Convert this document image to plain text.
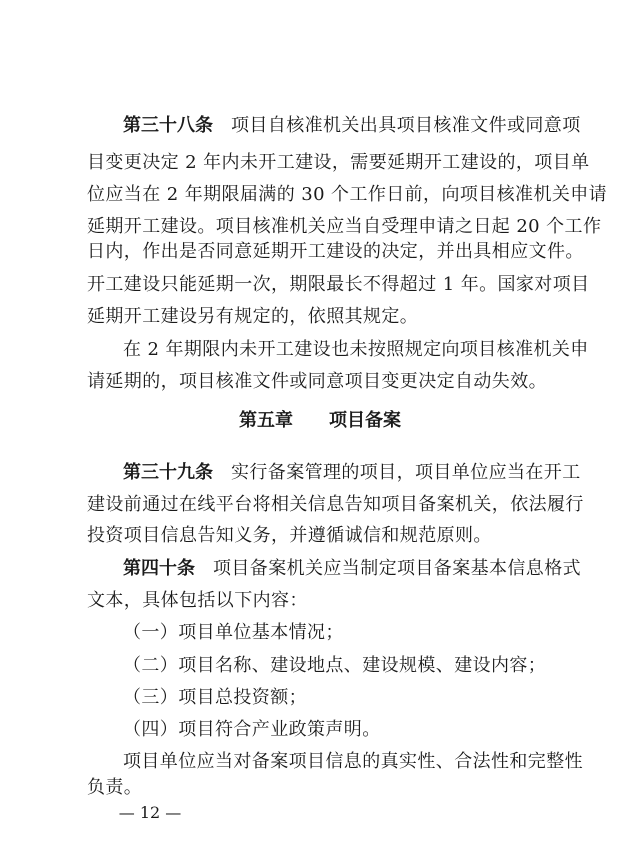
第三十八条 项目自核准机关出具项目核准文件或同意项
目变更决定 2 年内未开工建设，需要延期开工建设的，项目单
位应当在 2 年期限届满的 30 个工作日前，向项目核准机关申请
延期开工建设。项目核准机关应当自受理申请之日起 20 个工作
日内，作出是否同意延期开工建设的决定，并出具相应文件。
开工建设只能延期一次，期限最长不得超过 1 年。国家对项目
延期开工建设另有规定的，依照其规定。
在 2 年期限内未开工建设也未按照规定向项目核准机关申
请延期的，项目核准文件或同意项目变更决定自动失效。
第五章 项目备案
第三十九条 实行备案管理的项目，项目单位应当在开工
建设前通过在线平台将相关信息告知项目备案机关，依法履行
投资项目信息告知义务，并遵循诚信和规范原则。
第四十条 项目备案机关应当制定项目备案基本信息格式
文本，具体包括以下内容：
（一）项目单位基本情况；
（二）项目名称、建设地点、建设规模、建设内容；
（三）项目总投资额；
（四）项目符合产业政策声明。
项目单位应当对备案项目信息的真实性、合法性和完整性
负责。
— 12 —
